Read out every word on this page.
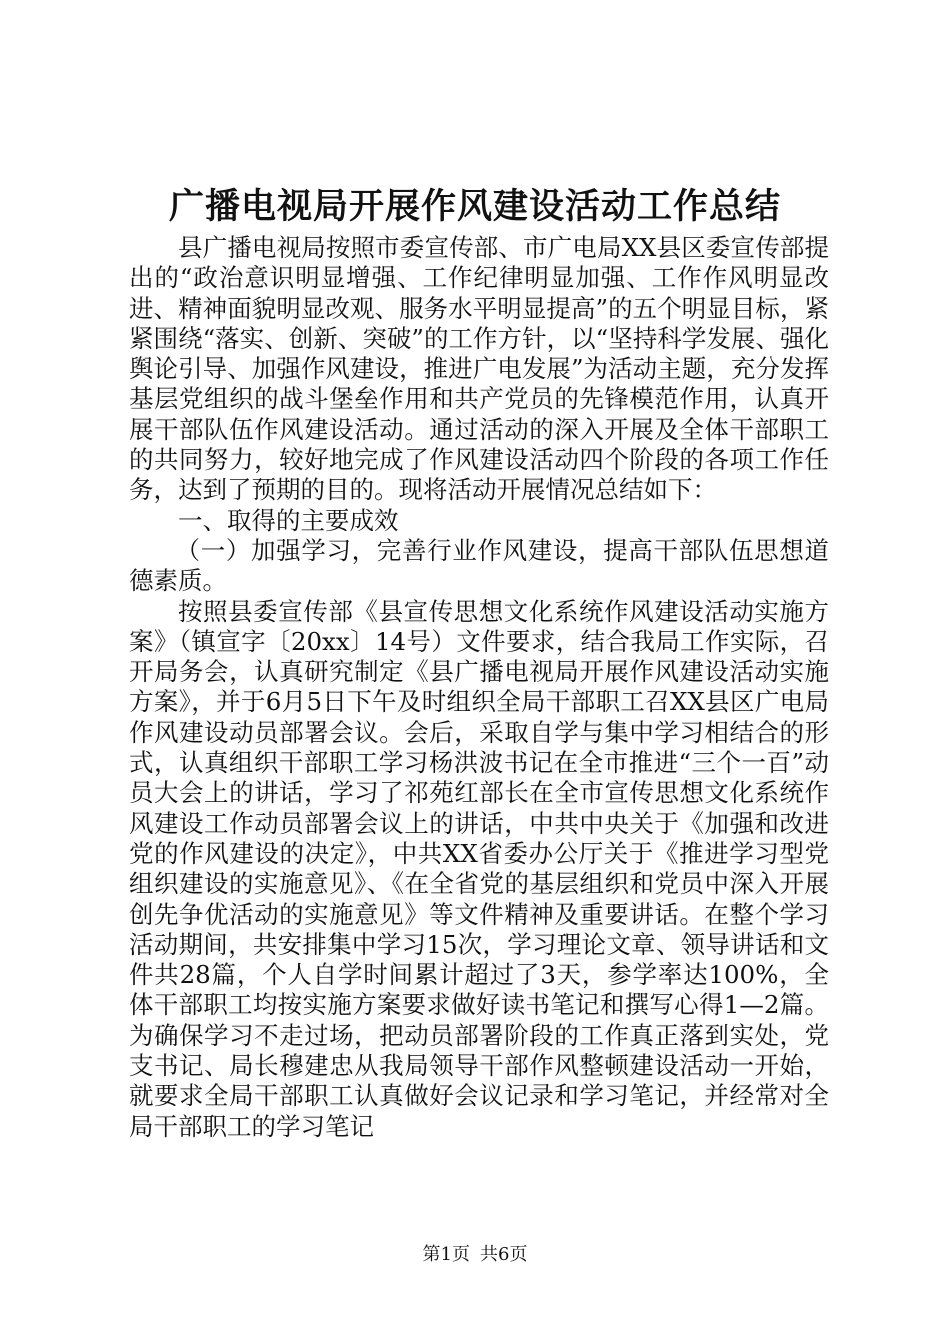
广播电视局开展作风建设活动工作总结

县广播电视局按照市委宣传部、市广电局XX县区委宣传部提出的“政治意识明显增强、工作纪律明显加强、工作作风明显改进、精神面貌明显改观、服务水平明显提高”的五个明显目标，紧紧围绕“落实、创新、突破”的工作方针，以“坚持科学发展、强化舆论引导、加强作风建设，推进广电发展”为活动主题，充分发挥基层党组织的战斗堡垒作用和共产党员的先锋模范作用，认真开展干部队伍作风建设活动。通过活动的深入开展及全体干部职工的共同努力，较好地完成了作风建设活动四个阶段的各项工作任务，达到了预期的目的。现将活动开展情况总结如下：

一、取得的主要成效

（一）加强学习，完善行业作风建设，提高干部队伍思想道德素质。

按照县委宣传部《县宣传思想文化系统作风建设活动实施方案》（镇宣字〔20xx〕14号）文件要求，结合我局工作实际，召开局务会，认真研究制定《县广播电视局开展作风建设活动实施方案》，并于6月5日下午及时组织全局干部职工召XX县区广电局作风建设动员部署会议。会后，采取自学与集中学习相结合的形式，认真组织干部职工学习杨洪波书记在全市推进“三个一百”动员大会上的讲话，学习了祁苑红部长在全市宣传思想文化系统作风建设工作动员部署会议上的讲话，中共中央关于《加强和改进党的作风建设的决定》，中共XX省委办公厅关于《推进学习型党组织建设的实施意见》、《在全省党的基层组织和党员中深入开展创先争优活动的实施意见》等文件精神及重要讲话。在整个学习活动期间，共安排集中学习15次，学习理论文章、领导讲话和文件共28篇，个人自学时间累计超过了3天，参学率达100%，全体干部职工均按实施方案要求做好读书笔记和撰写心得1—2篇。为确保学习不走过场，把动员部署阶段的工作真正落到实处，党支书记、局长穆建忠从我局领导干部作风整顿建设活动一开始，就要求全局干部职工认真做好会议记录和学习笔记，并经常对全局干部职工的学习笔记

第1页 共6页
